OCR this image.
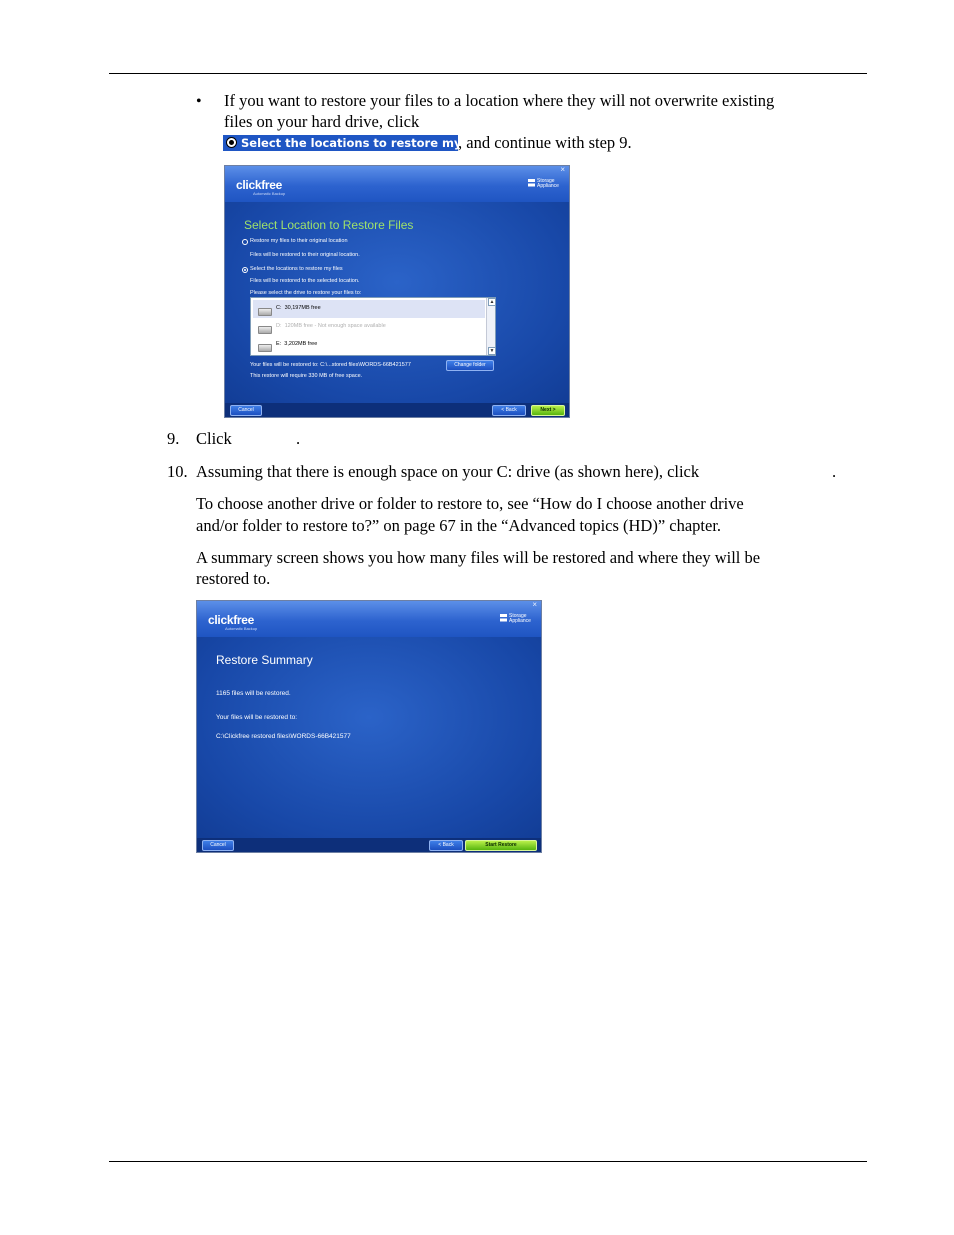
• If you want to restore your files to a location where they will not overwrite existing
files on your hard drive, click
Select the locations to restore my files, and continue with step 9.
×
clickfree
Automatic Backup
Storage
Appliance
Select Location to Restore Files
Restore my files to their original location
Files will be restored to their original location.
Select the locations to restore my files
Files will be restored to the selected location.
Please select the drive to restore your files to:
C: 30,197MB free
D: 120MB free - Not enough space available
E: 3,202MB free
▲
▼
Your files will be restored to: C:\...stored files\WORDS-66B421577	Change folder
This restore will require 330 MB of free space.
Cancel	< Back	Next >
9. Click	.
10. Assuming that there is enough space on your C: drive (as shown here), click	.
To choose another drive or folder to restore to, see “How do I choose another drive
and/or folder to restore to?” on page 67 in the “Advanced topics (HD)” chapter.
A summary screen shows you how many files will be restored and where they will be
restored to.
×
clickfree
Automatic Backup
Storage
Appliance
Restore Summary
1165 files will be restored.
Your files will be restored to:
C:\Clickfree restored files\WORDS-66B421577
Cancel	< Back	Start Restore
